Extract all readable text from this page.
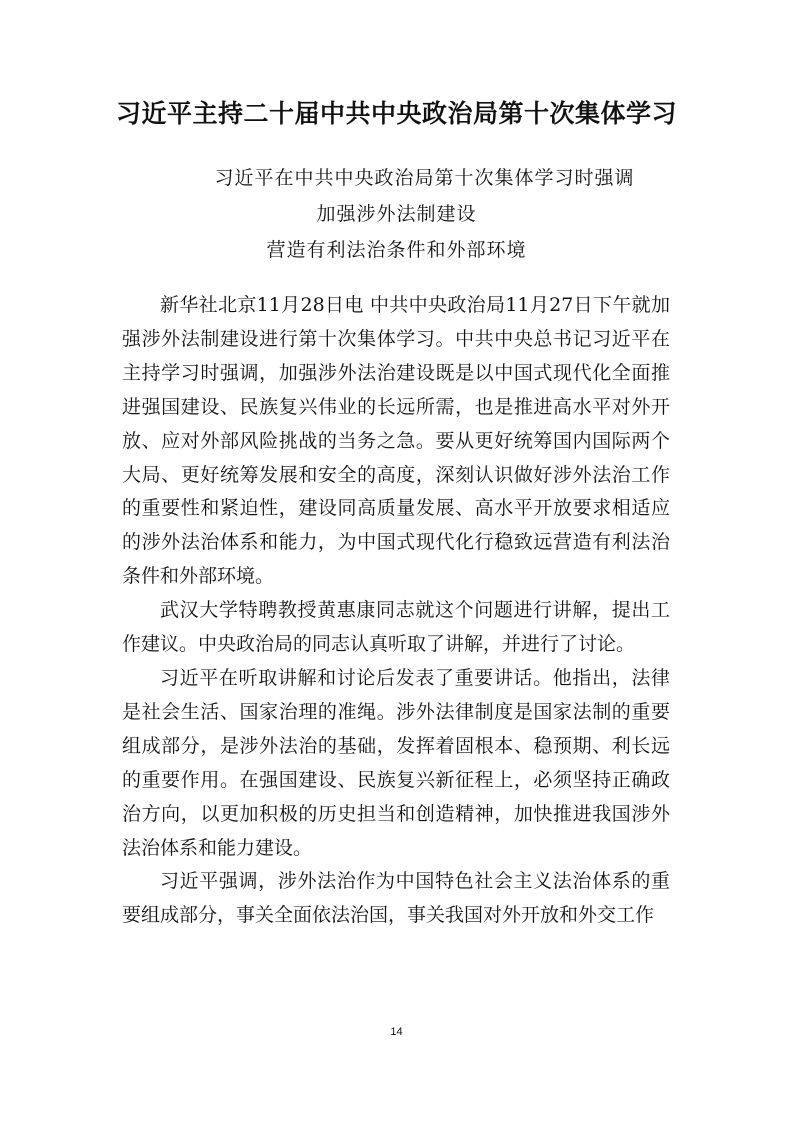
习近平主持二十届中共中央政治局第十次集体学习
习近平在中共中央政治局第十次集体学习时强调
加强涉外法制建设
营造有利法治条件和外部环境

新华社北京11月28日电 中共中央政治局11月27日下午就加强涉外法制建设进行第十次集体学习。中共中央总书记习近平在主持学习时强调，加强涉外法治建设既是以中国式现代化全面推进强国建设、民族复兴伟业的长远所需，也是推进高水平对外开放、应对外部风险挑战的当务之急。要从更好统筹国内国际两个大局、更好统筹发展和安全的高度，深刻认识做好涉外法治工作的重要性和紧迫性，建设同高质量发展、高水平开放要求相适应的涉外法治体系和能力，为中国式现代化行稳致远营造有利法治条件和外部环境。

武汉大学特聘教授黄惠康同志就这个问题进行讲解，提出工作建议。中央政治局的同志认真听取了讲解，并进行了讨论。

习近平在听取讲解和讨论后发表了重要讲话。他指出，法律是社会生活、国家治理的准绳。涉外法律制度是国家法制的重要组成部分，是涉外法治的基础，发挥着固根本、稳预期、利长远的重要作用。在强国建设、民族复兴新征程上，必须坚持正确政治方向，以更加积极的历史担当和创造精神，加快推进我国涉外法治体系和能力建设。

习近平强调，涉外法治作为中国特色社会主义法治体系的重要组成部分，事关全面依法治国，事关我国对外开放和外交工作

14
